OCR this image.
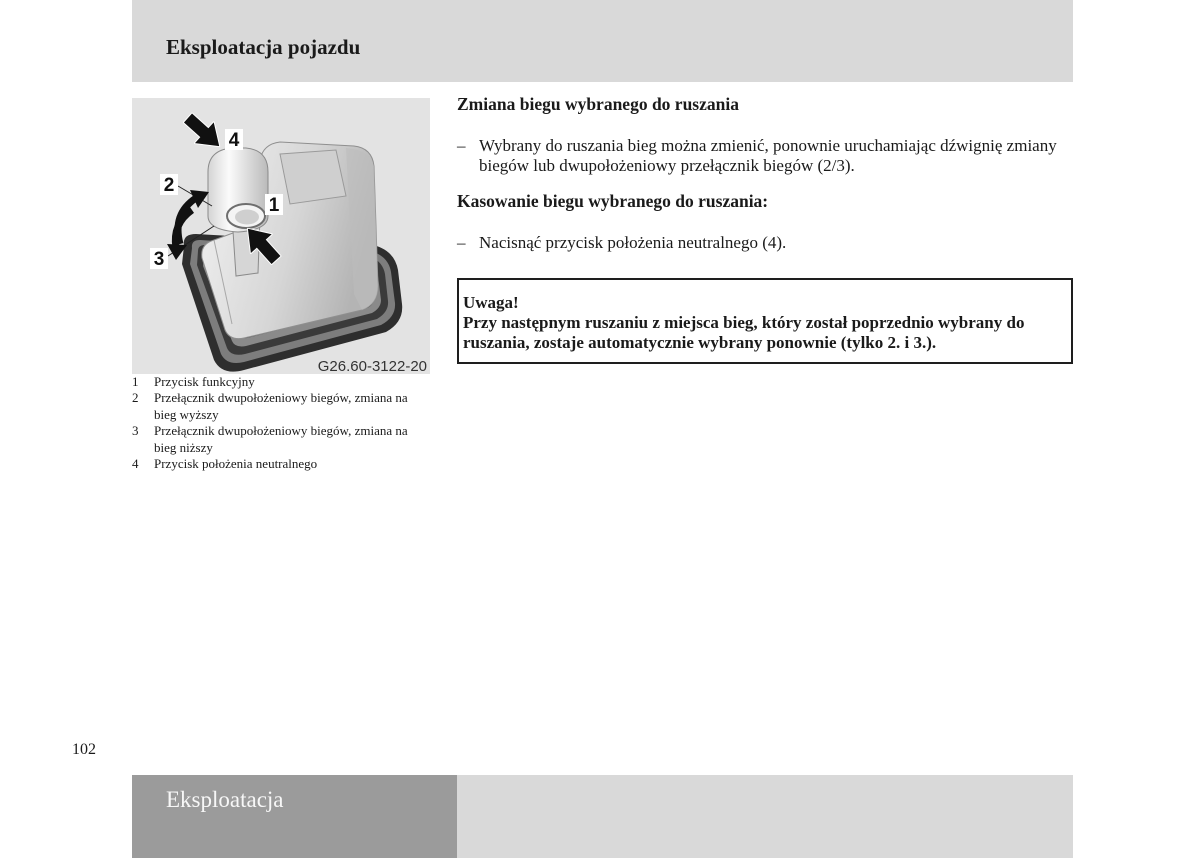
Eksploatacja pojazdu
4
1
2
3
G26.60-3122-20
1 Przycisk funkcyjny
2 Przełącznik dwupołożeniowy biegów, zmiana na bieg wyższy
3 Przełącznik dwupołożeniowy biegów, zmiana na bieg niższy
4 Przycisk położenia neutralnego
Zmiana biegu wybranego do ruszania
– Wybrany do ruszania bieg można zmienić, ponownie uruchamiając dźwignię zmiany biegów lub dwupołożeniowy przełącznik biegów (2/3).
Kasowanie biegu wybranego do ruszania:
– Nacisnąć przycisk położenia neutralnego (4).
Uwaga!
Przy następnym ruszaniu z miejsca bieg, który został poprzednio wybrany do ruszania, zostaje automatycznie wybrany ponownie (tylko 2. i 3.).
102
Eksploatacja
